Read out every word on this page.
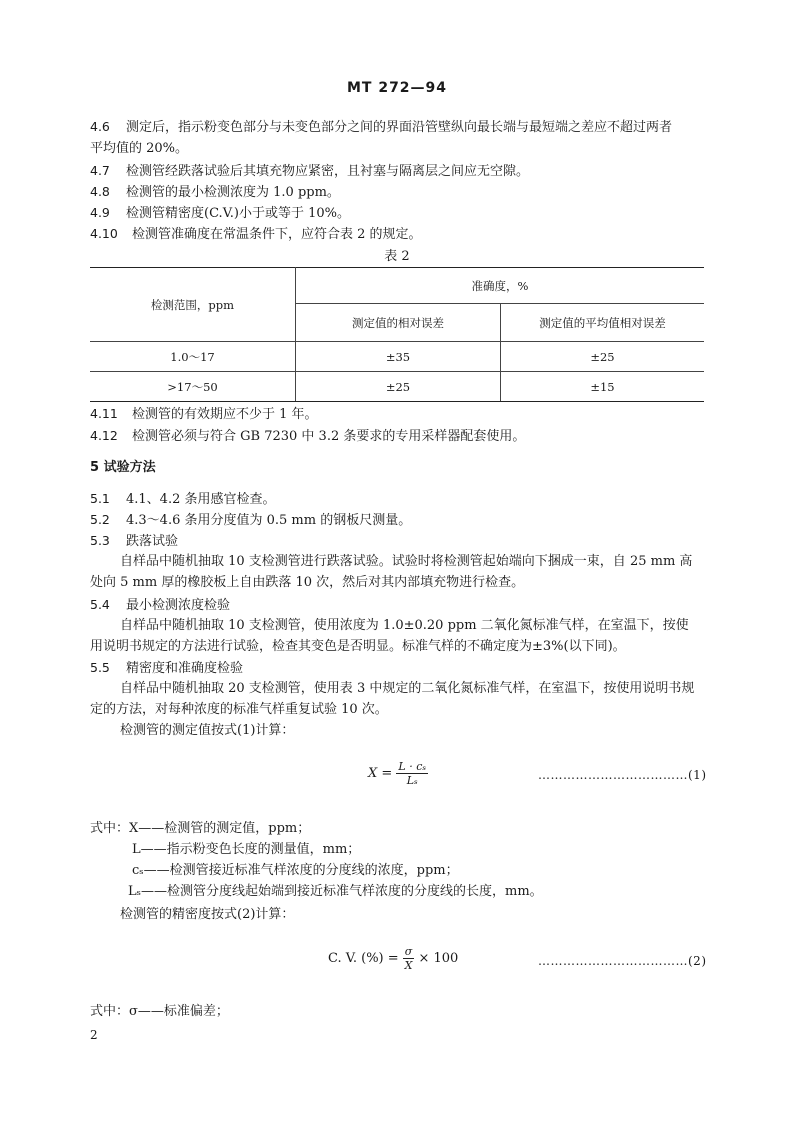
MT 272—94
4.6 测定后，指示粉变色部分与未变色部分之间的界面沿管壁纵向最长端与最短端之差应不超过两者
平均值的 20%。
4.7 检测管经跌落试验后其填充物应紧密，且衬塞与隔离层之间应无空隙。
4.8 检测管的最小检测浓度为 1.0 ppm。
4.9 检测管精密度(C.V.)小于或等于 10%。
4.10 检测管准确度在常温条件下，应符合表 2 的规定。
表 2
检测范围，ppm	准确度，%	
	测定值的相对误差	测定值的平均值相对误差
1.0～17	±35	±25
>17～50	±25	±15
4.11 检测管的有效期应不少于 1 年。
4.12 检测管必须与符合 GB 7230 中 3.2 条要求的专用采样器配套使用。
5 试验方法
5.1 4.1、4.2 条用感官检查。
5.2 4.3～4.6 条用分度值为 0.5 mm 的钢板尺测量。
5.3 跌落试验
自样品中随机抽取 10 支检测管进行跌落试验。试验时将检测管起始端向下捆成一束，自 25 mm 高
处向 5 mm 厚的橡胶板上自由跌落 10 次，然后对其内部填充物进行检查。
5.4 最小检测浓度检验
自样品中随机抽取 10 支检测管，使用浓度为 1.0±0.20 ppm 二氧化氮标准气样，在室温下，按使
用说明书规定的方法进行试验，检查其变色是否明显。标准气样的不确定度为±3%(以下同)。
5.5 精密度和准确度检验
自样品中随机抽取 20 支检测管，使用表 3 中规定的二氧化氮标准气样，在室温下，按使用说明书规
定的方法，对每种浓度的标准气样重复试验 10 次。
检测管的测定值按式(1)计算：
$X = \frac{\text{L · cₛ}}{\text{Lₛ}}$	………………………………(1)
式中：X——检测管的测定值，ppm；
L——指示粉变色长度的测量值，mm；
cₛ——检测管接近标准气样浓度的分度线的浓度，ppm；
Lₛ——检测管分度线起始端到接近标准气样浓度的分度线的长度，mm。
检测管的精密度按式(2)计算：
C. V. (%) = $\frac{\sigma}{X} \times 100$	………………………………(2)
式中：σ——标准偏差；
2
